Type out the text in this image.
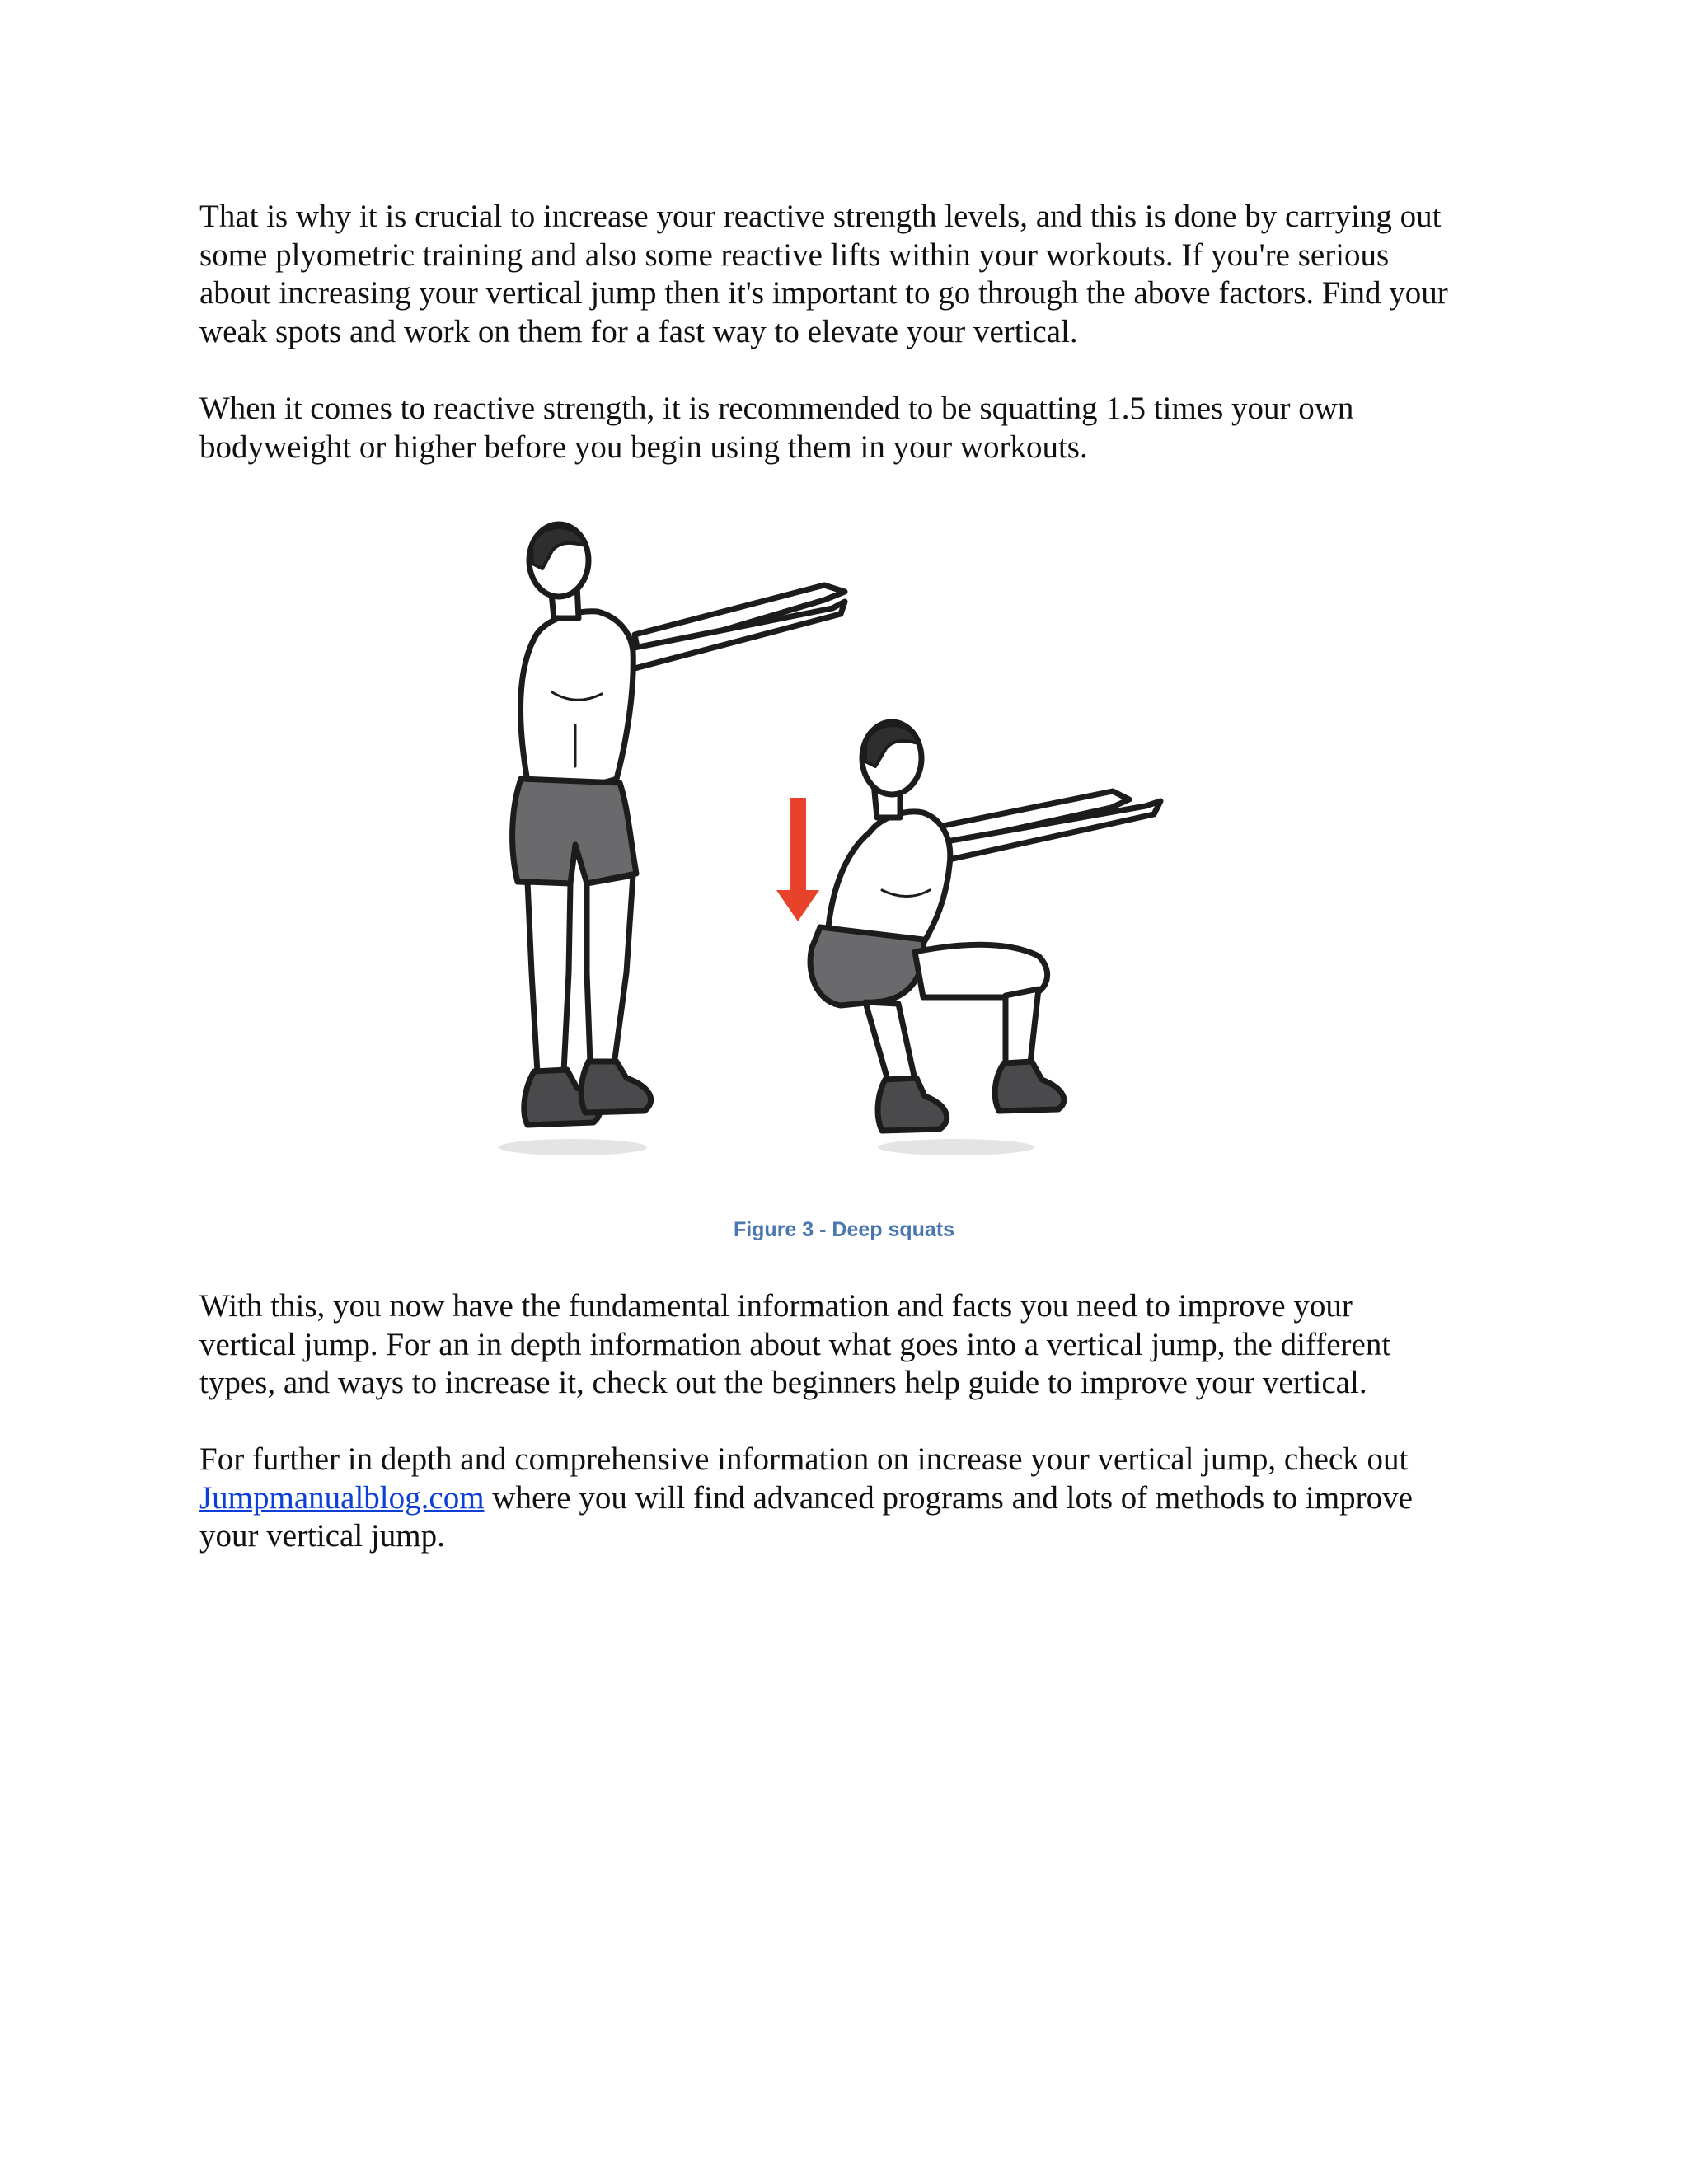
That is why it is crucial to increase your reactive strength levels, and this is done by carrying out
some plyometric training and also some reactive lifts within your workouts. If you're serious
about increasing your vertical jump then it's important to go through the above factors. Find your
weak spots and work on them for a fast way to elevate your vertical.

When it comes to reactive strength, it is recommended to be squatting 1.5 times your own
bodyweight or higher before you begin using them in your workouts.

Figure 3 - Deep squats

With this, you now have the fundamental information and facts you need to improve your
vertical jump. For an in depth information about what goes into a vertical jump, the different
types, and ways to increase it, check out the beginners help guide to improve your vertical.

For further in depth and comprehensive information on increase your vertical jump, check out
Jumpmanualblog.com where you will find advanced programs and lots of methods to improve
your vertical jump.
